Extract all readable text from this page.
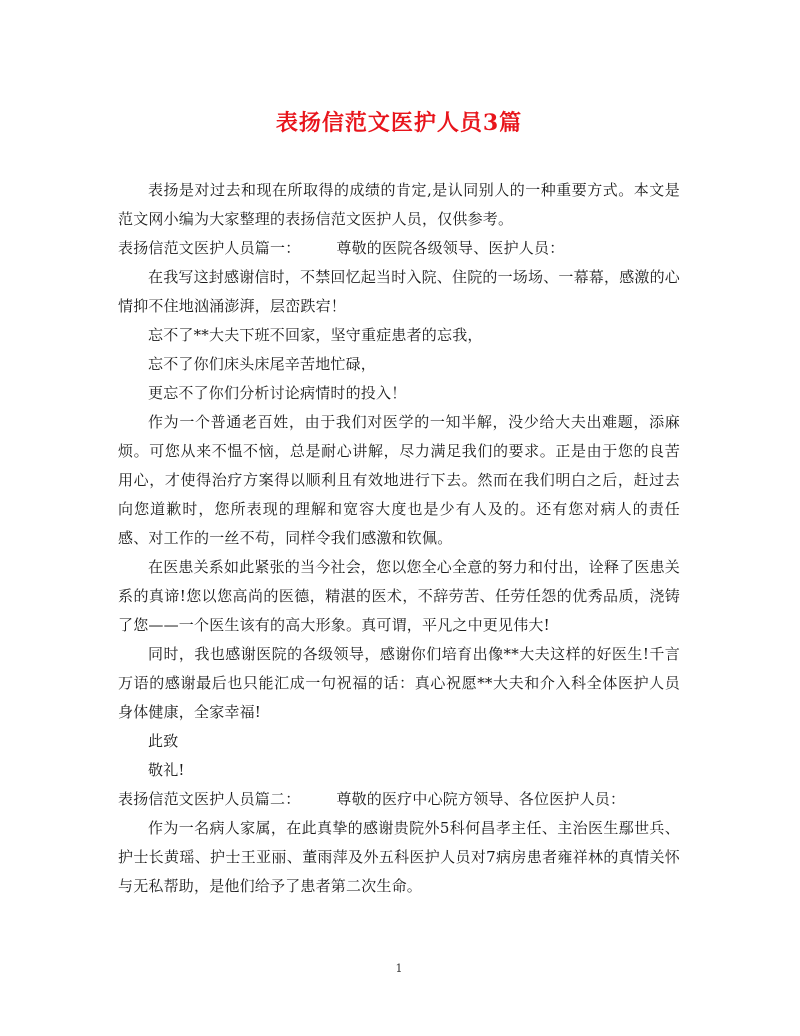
表扬信范文医护人员3篇

表扬是对过去和现在所取得的成绩的肯定,是认同别人的一种重要方式。本文是范文网小编为大家整理的表扬信范文医护人员，仅供参考。

表扬信范文医护人员篇一： 尊敬的医院各级领导、医护人员：

在我写这封感谢信时，不禁回忆起当时入院、住院的一场场、一幕幕，感激的心情抑不住地汹涌澎湃，层峦跌宕！

忘不了**大夫下班不回家，坚守重症患者的忘我，

忘不了你们床头床尾辛苦地忙碌，

更忘不了你们分析讨论病情时的投入！

作为一个普通老百姓，由于我们对医学的一知半解，没少给大夫出难题，添麻烦。可您从来不愠不恼，总是耐心讲解，尽力满足我们的要求。正是由于您的良苦用心，才使得治疗方案得以顺利且有效地进行下去。然而在我们明白之后，赶过去向您道歉时，您所表现的理解和宽容大度也是少有人及的。还有您对病人的责任感、对工作的一丝不苟，同样令我们感激和钦佩。

在医患关系如此紧张的当今社会，您以您全心全意的努力和付出，诠释了医患关系的真谛!您以您高尚的医德，精湛的医术，不辞劳苦、任劳任怨的优秀品质，浇铸了您——一个医生该有的高大形象。真可谓，平凡之中更见伟大!

同时，我也感谢医院的各级领导，感谢你们培育出像**大夫这样的好医生!千言万语的感谢最后也只能汇成一句祝福的话：真心祝愿**大夫和介入科全体医护人员身体健康，全家幸福!

此致

敬礼!

表扬信范文医护人员篇二： 尊敬的医疗中心院方领导、各位医护人员：

作为一名病人家属，在此真挚的感谢贵院外5科何昌孝主任、主治医生鄢世兵、护士长黄瑶、护士王亚丽、董雨萍及外五科医护人员对7病房患者雍祥林的真情关怀与无私帮助，是他们给予了患者第二次生命。

1
